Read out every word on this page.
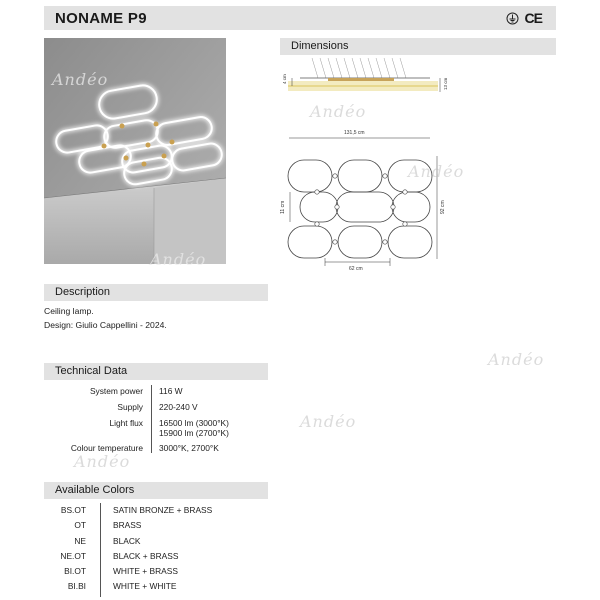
NONAME P9	CE
Dimensions
4 cm	13 cm
131,5 cm
92 cm
11 cm
62 cm
Description
Ceiling lamp.
Design: Giulio Cappellini - 2024.
Technical Data
System power 116 W
Supply 220-240 V
Light flux 16500 lm (3000°K)
15900 lm (2700°K)
Colour temperature 3000°K, 2700°K
Available Colors
BS.OT	SATIN BRONZE + BRASS
OT	BRASS
NE	BLACK
NE.OT	BLACK + BRASS
BI.OT	WHITE + BRASS
BI.BI	WHITE + WHITE
Andéo
Andéo
Andéo
Andéo
Andéo
Andéo
Andéo
